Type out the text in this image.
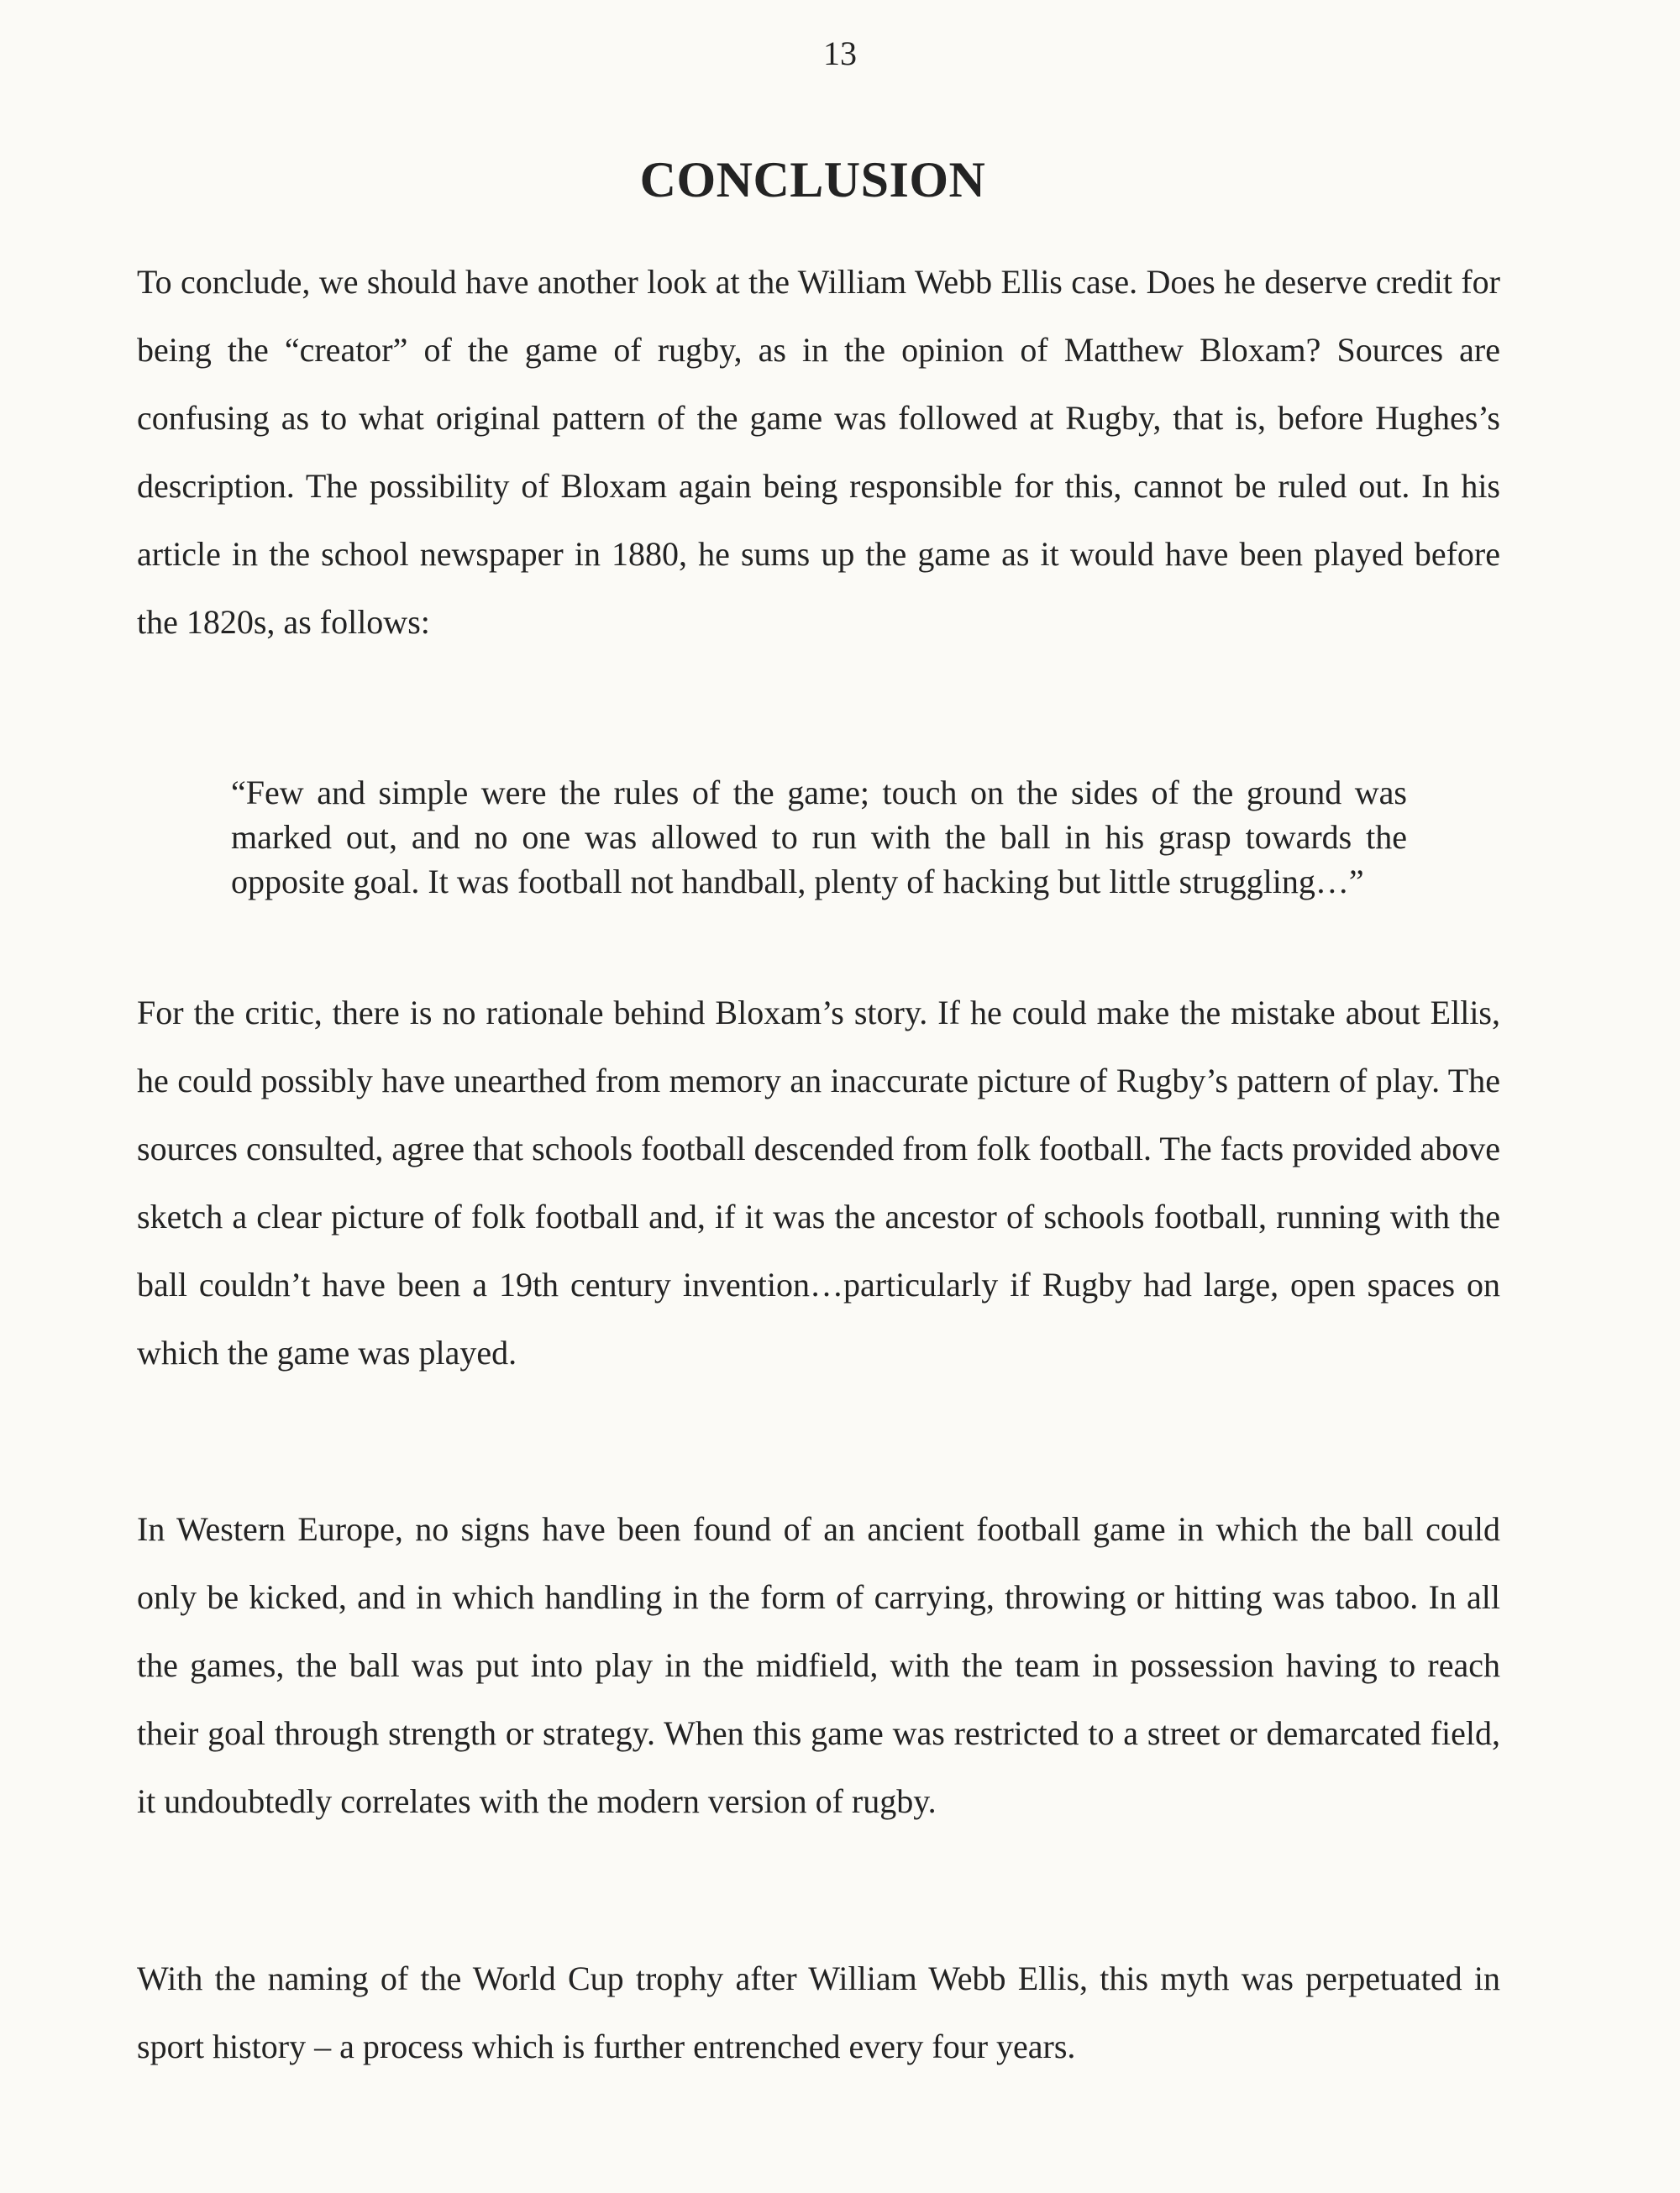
13
CONCLUSION

To conclude, we should have another look at the William Webb Ellis case. Does he deserve credit for being the “creator” of the game of rugby, as in the opinion of Matthew Bloxam? Sources are confusing as to what original pattern of the game was followed at Rugby, that is, before Hughes’s description. The possibility of Bloxam again being responsible for this, cannot be ruled out. In his article in the school newspaper in 1880, he sums up the game as it would have been played before the 1820s, as follows:

“Few and simple were the rules of the game; touch on the sides of the ground was marked out, and no one was allowed to run with the ball in his grasp towards the opposite goal. It was football not handball, plenty of hacking but little struggling…”

For the critic, there is no rationale behind Bloxam’s story. If he could make the mistake about Ellis, he could possibly have unearthed from memory an inaccurate picture of Rugby’s pattern of play. The sources consulted, agree that schools football descended from folk football. The facts provided above sketch a clear picture of folk football and, if it was the ancestor of schools football, running with the ball couldn’t have been a 19th century invention…particularly if Rugby had large, open spaces on which the game was played.

In Western Europe, no signs have been found of an ancient football game in which the ball could only be kicked, and in which handling in the form of carrying, throwing or hitting was taboo. In all the games, the ball was put into play in the midfield, with the team in possession having to reach their goal through strength or strategy. When this game was restricted to a street or demarcated field, it undoubtedly correlates with the modern version of rugby.

With the naming of the World Cup trophy after William Webb Ellis, this myth was perpetuated in sport history – a process which is further entrenched every four years.
